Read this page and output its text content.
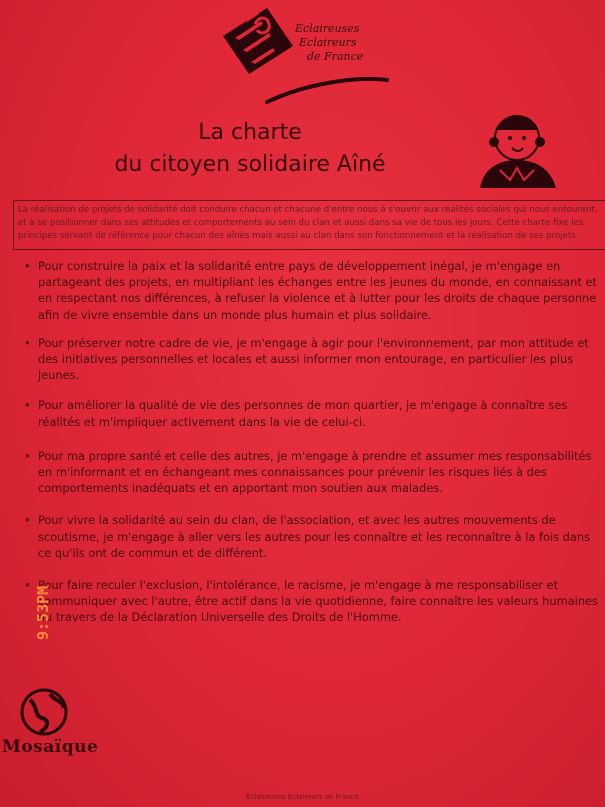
Eclaireuses
Eclaireurs
de France
La charte
du citoyen solidaire Aîné
La réalisation de projets de solidarité doit conduire chacun et chacune d'entre nous à s'ouvrir aux réalités sociales qui nous entourent,
et à se positionner dans ses attitudes et comportements au sein du clan et aussi dans sa vie de tous les jours. Cette charte fixe les
principes servant de référence pour chacun des aînés mais aussi au clan dans son fonctionnement et la réalisation de ses projets.
• Pour construire la paix et la solidarité entre pays de développement inégal, je m'engage en
partageant des projets, en multipliant les échanges entre les jeunes du monde, en connaissant et
en respectant nos différences, à refuser la violence et à lutter pour les droits de chaque personne
afin de vivre ensemble dans un monde plus humain et plus solidaire.
• Pour préserver notre cadre de vie, je m'engage à agir pour l'environnement, par mon attitude et
des initiatives personnelles et locales et aussi informer mon entourage, en particulier les plus
jeunes.
• Pour améliorer la qualité de vie des personnes de mon quartier, je m'engage à connaître ses
réalités et m'impliquer activement dans la vie de celui-ci.
• Pour ma propre santé et celle des autres, je m'engage à prendre et assumer mes responsabilités
en m'informant et en échangeant mes connaissances pour prévenir les risques liés à des
comportements inadéquats et en apportant mon soutien aux malades.
• Pour vivre la solidarité au sein du clan, de l'association, et avec les autres mouvements de
scoutisme, je m'engage à aller vers les autres pour les connaître et les reconnaître à la fois dans
ce qu'ils ont de commun et de différent.
• Pour faire reculer l'exclusion, l'intolérance, le racisme, je m'engage à me responsabiliser et
communiquer avec l'autre, être actif dans la vie quotidienne, faire connaître les valeurs humaines
au travers de la Déclaration Universelle des Droits de l'Homme.
9:53PM
Mosaïque
Eclaireuses Eclaireurs de France
